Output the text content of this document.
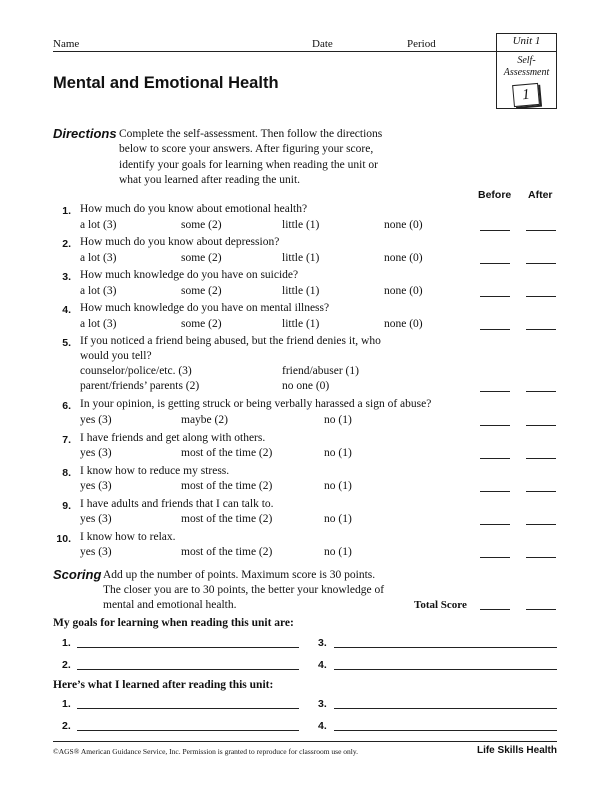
Name	Date	Period	Unit 1
Self-
Assessment
1
Mental and Emotional Health
Directions Complete the self-assessment. Then follow the directions
below to score your answers. After figuring your score,
identify your goals for learning when reading the unit or
what you learned after reading the unit.
Before After
1. How much do you know about emotional health?
a lot (3)	some (2)	little (1)	none (0)
2. How much do you know about depression?
a lot (3)	some (2)	little (1)	none (0)
3. How much knowledge do you have on suicide?
a lot (3)	some (2)	little (1)	none (0)
4. How much knowledge do you have on mental illness?
a lot (3)	some (2)	little (1)	none (0)
5. If you noticed a friend being abused, but the friend denies it, who
would you tell?
counselor/police/etc. (3)	friend/abuser (1)
parent/friends’ parents (2)	no one (0)
6. In your opinion, is getting struck or being verbally harassed a sign of abuse?
yes (3)	maybe (2)	no (1)
7. I have friends and get along with others.
yes (3)	most of the time (2)	no (1)
8. I know how to reduce my stress.
yes (3)	most of the time (2)	no (1)
9. I have adults and friends that I can talk to.
yes (3)	most of the time (2)	no (1)
10. I know how to relax.
yes (3)	most of the time (2)	no (1)
Scoring Add up the number of points. Maximum score is 30 points.
The closer you are to 30 points, the better your knowledge of
mental and emotional health.	Total Score
My goals for learning when reading this unit are:
1.	3.
2.	4.
Here’s what I learned after reading this unit:
1.	3.
2.	4.
©AGS® American Guidance Service, Inc. Permission is granted to reproduce for classroom use only.	Life Skills Health
